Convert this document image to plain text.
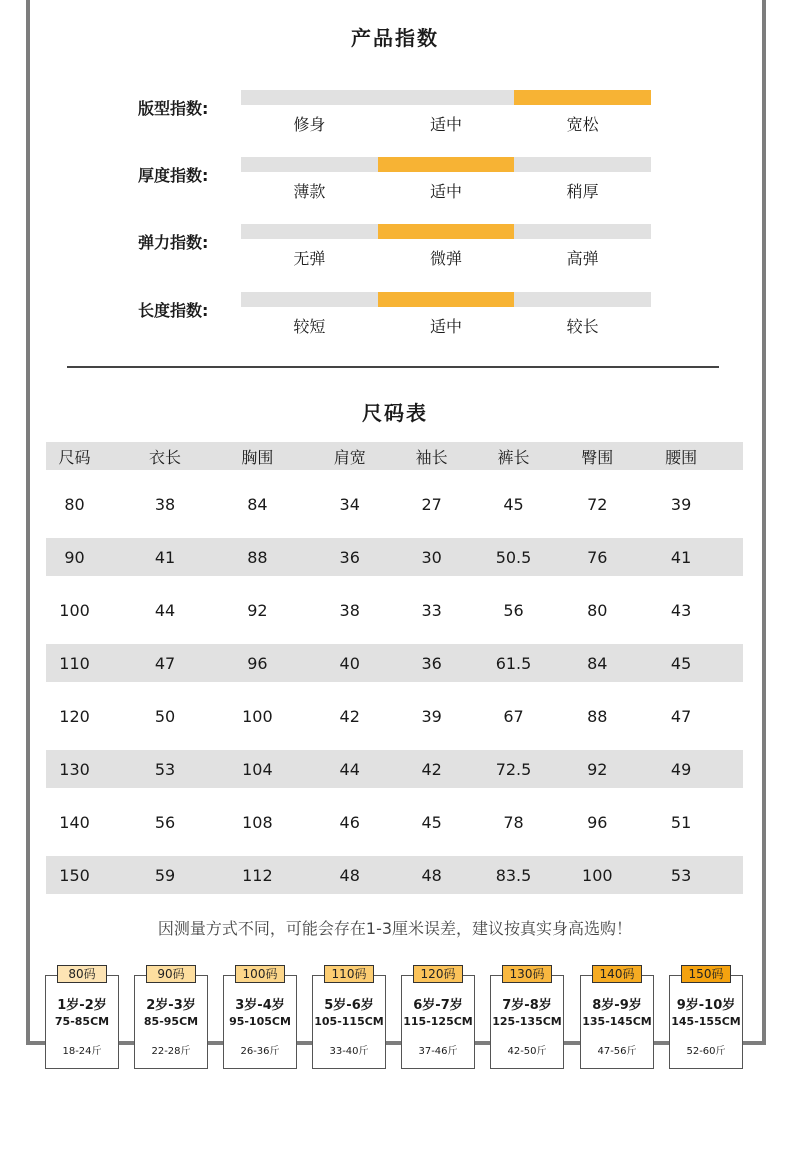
产品指数
版型指数:
修身	适中	宽松
厚度指数:
薄款	适中	稍厚
弹力指数:
无弹	微弹	高弹
长度指数:
较短	适中	较长
尺码表
尺码	衣长	胸围	肩宽	袖长	裤长	臀围	腰围
80	38	84	34	27	45	72	39
90	41	88	36	30	50.5	76	41
100	44	92	38	33	56	80	43
110	47	96	40	36	61.5	84	45
120	50	100	42	39	67	88	47
130	53	104	44	42	72.5	92	49
140	56	108	46	45	78	96	51
150	59	112	48	48	83.5	100	53
因测量方式不同，可能会存在1-3厘米误差，建议按真实身高选购！
80码
1岁-2岁
75-85CM
18-24斤
90码
2岁-3岁
85-95CM
22-28斤
100码
3岁-4岁
95-105CM
26-36斤
110码
5岁-6岁
105-115CM
33-40斤
120码
6岁-7岁
115-125CM
37-46斤
130码
7岁-8岁
125-135CM
42-50斤
140码
8岁-9岁
135-145CM
47-56斤
150码
9岁-10岁
145-155CM
52-60斤
